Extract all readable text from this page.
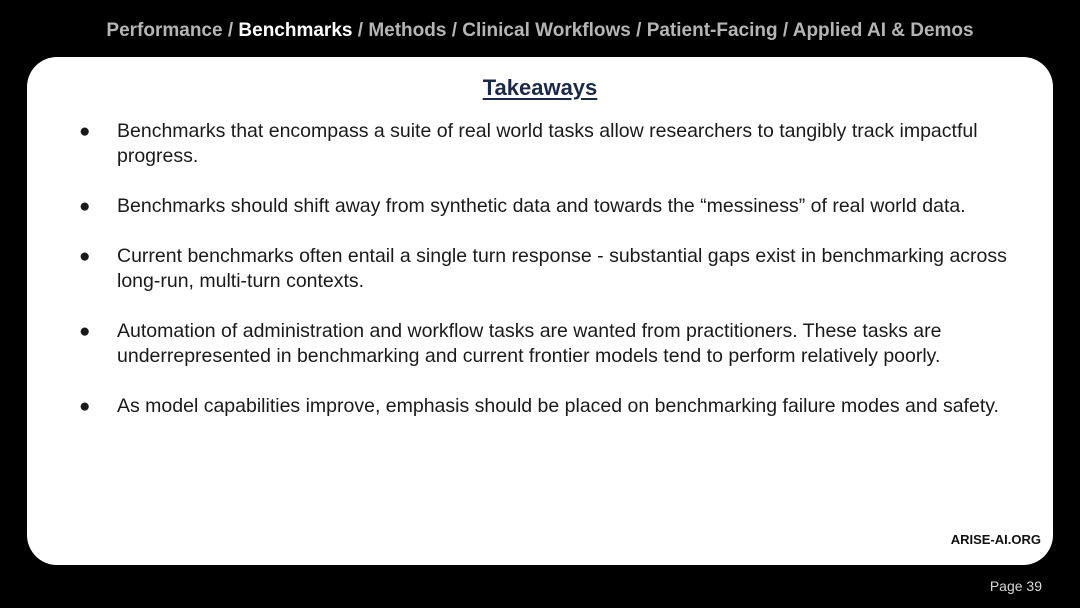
Performance / Benchmarks / Methods / Clinical Workflows / Patient-Facing / Applied AI & Demos
Takeaways
● Benchmarks that encompass a suite of real world tasks allow researchers to tangibly track impactful progress.
● Benchmarks should shift away from synthetic data and towards the “messiness” of real world data.
● Current benchmarks often entail a single turn response - substantial gaps exist in benchmarking across long-run, multi-turn contexts.
● Automation of administration and workflow tasks are wanted from practitioners. These tasks are underrepresented in benchmarking and current frontier models tend to perform relatively poorly.
● As model capabilities improve, emphasis should be placed on benchmarking failure modes and safety.
ARISE-AI.ORG
Page 39
